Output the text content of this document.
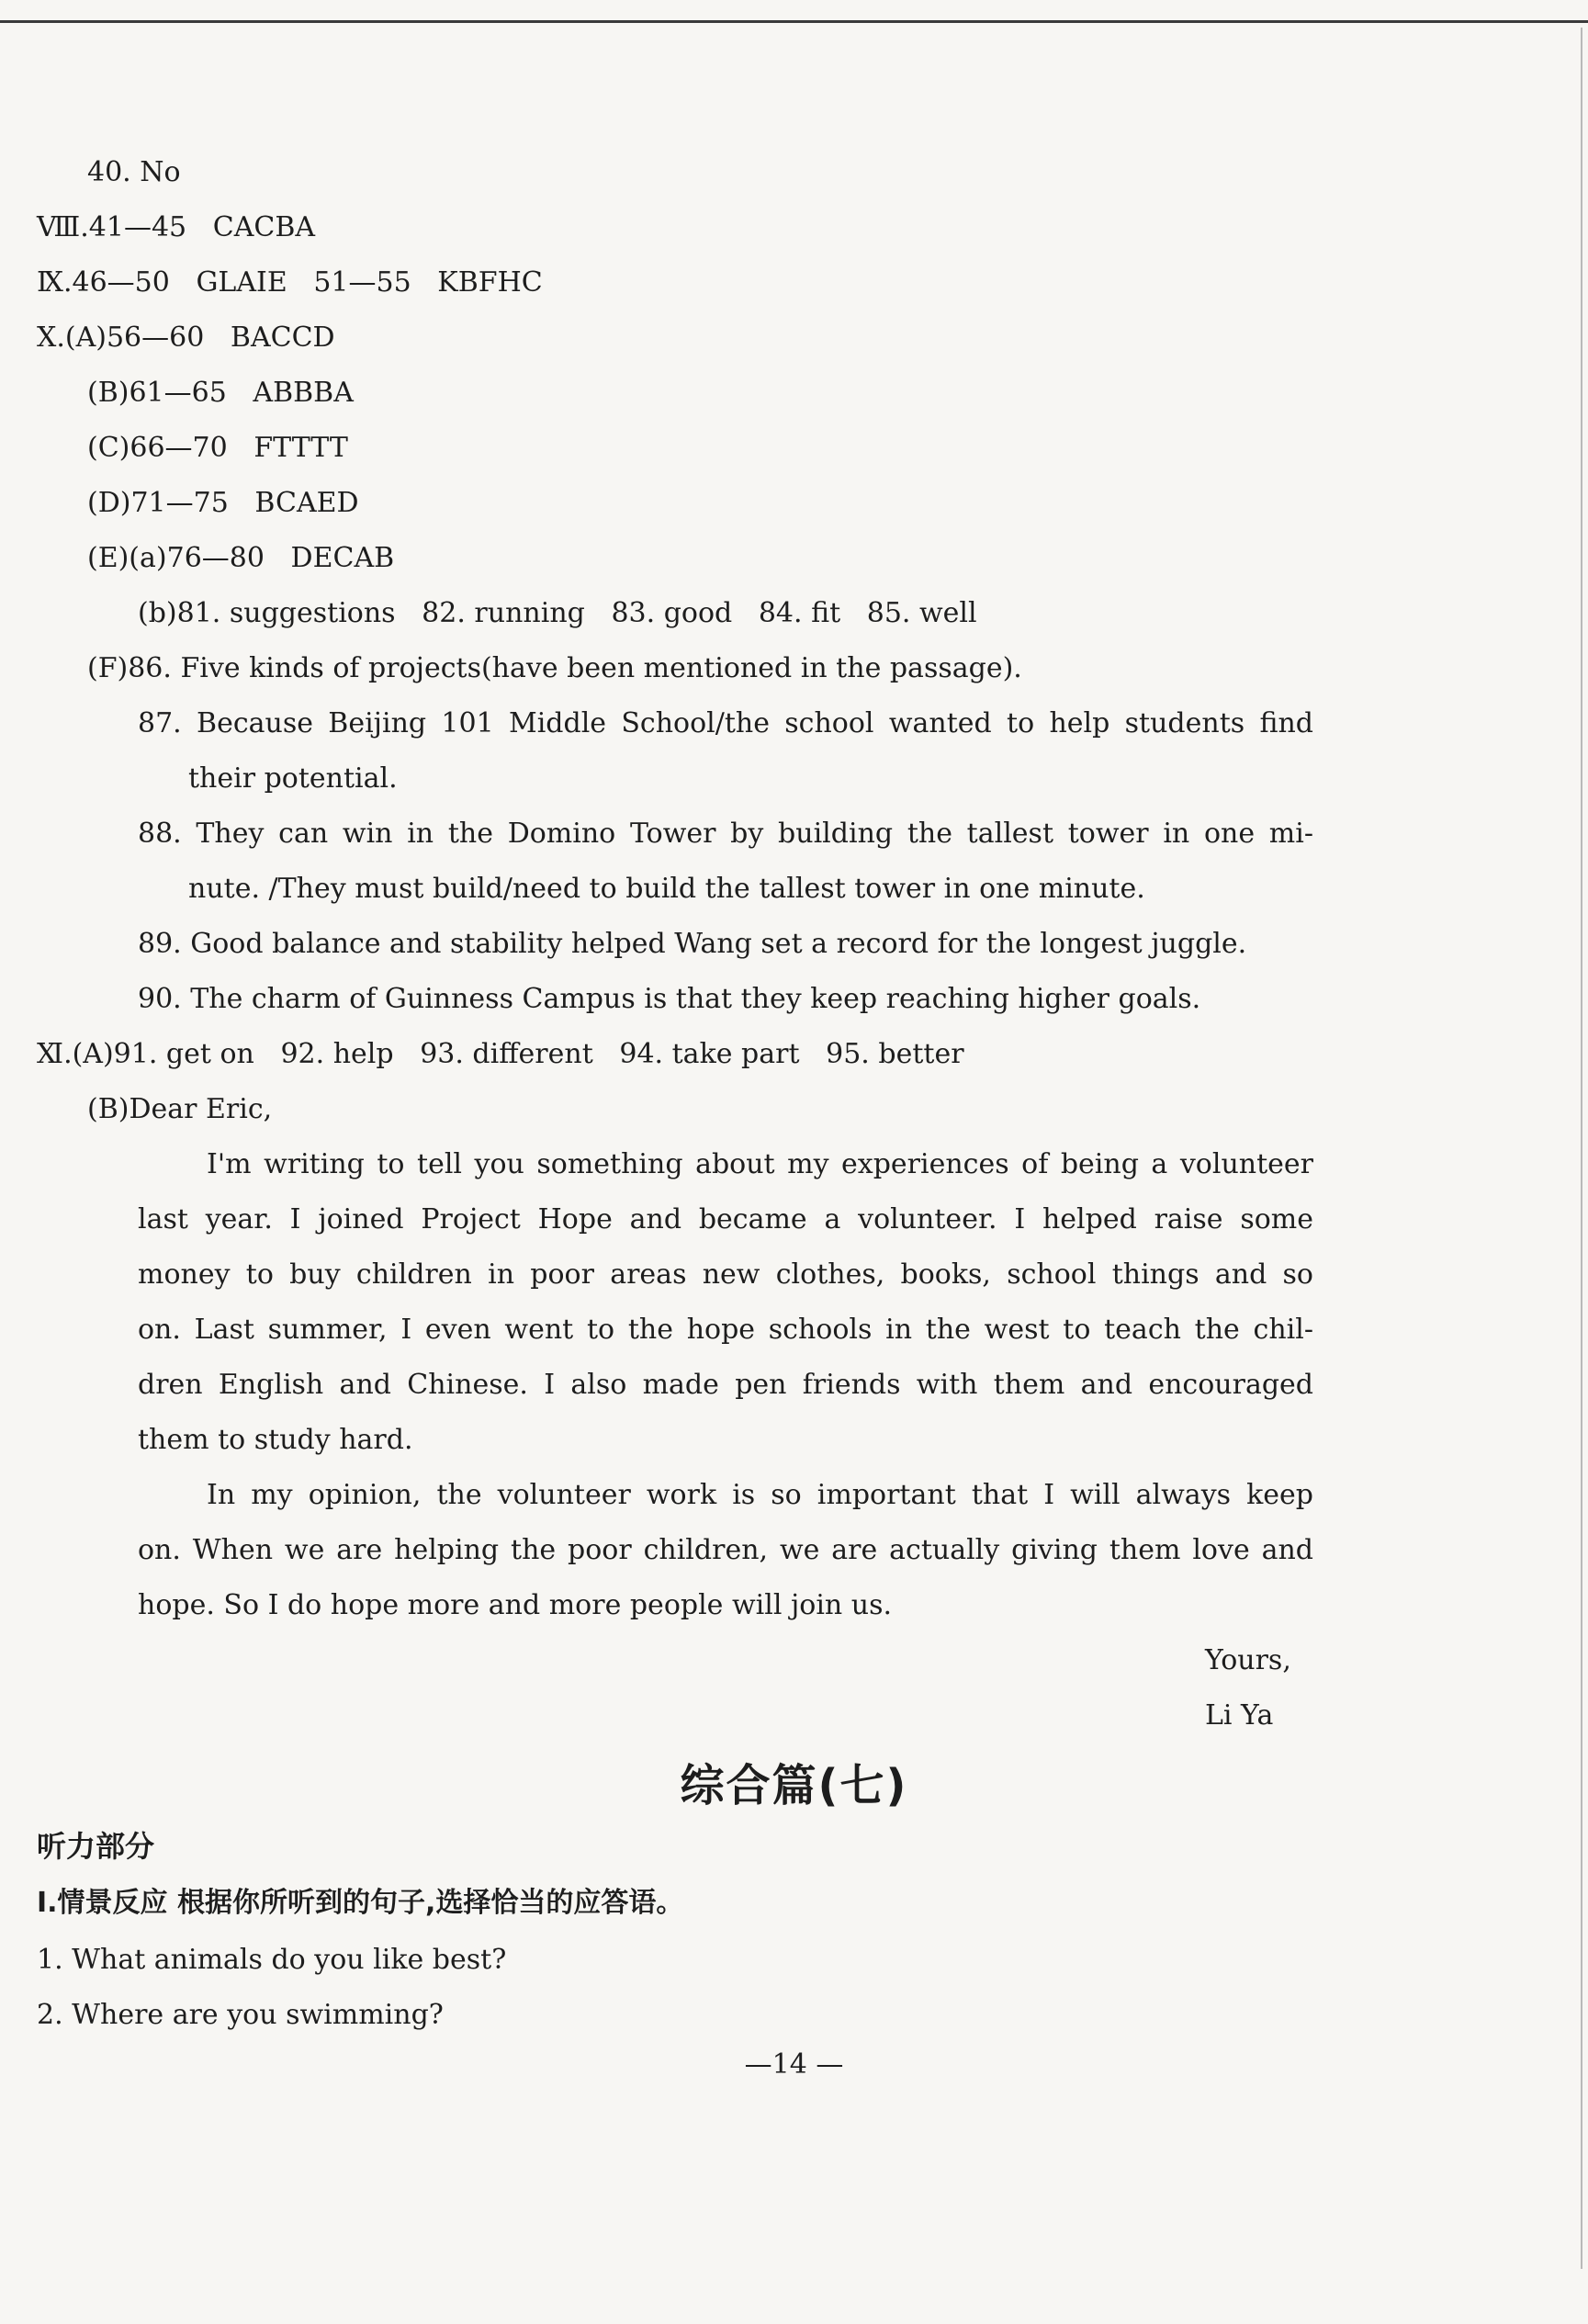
40. No
Ⅷ.41—45   CACBA
Ⅸ.46—50   GLAIE   51—55   KBFHC
Ⅹ.(A)56—60   BACCD
(B)61—65   ABBBA
(C)66—70   FTTTT
(D)71—75   BCAED
(E)(a)76—80   DECAB
(b)81. suggestions   82. running   83. good   84. fit   85. well
(F)86. Five kinds of projects(have been mentioned in the passage).
87. Because Beijing 101 Middle School/the school wanted to help students find
their potential.
88. They can win in the Domino Tower by building the tallest tower in one mi-
nute. /They must build/need to build the tallest tower in one minute.
89. Good balance and stability helped Wang set a record for the longest juggle.
90. The charm of Guinness Campus is that they keep reaching higher goals.
Ⅺ.(A)91. get on   92. help   93. different   94. take part   95. better
(B)Dear Eric,
I'm writing to tell you something about my experiences of being a volunteer
last year. I joined Project Hope and became a volunteer. I helped raise some
money to buy children in poor areas new clothes, books, school things and so
on. Last summer, I even went to the hope schools in the west to teach the chil-
dren English and Chinese. I also made pen friends with them and encouraged
them to study hard.
In my opinion, the volunteer work is so important that I will always keep
on. When we are helping the poor children, we are actually giving them love and
hope. So I do hope more and more people will join us.
Yours,
Li Ya
综合篇(七)
听力部分
Ⅰ.情景反应 根据你所听到的句子,选择恰当的应答语。
1. What animals do you like best?
2. Where are you swimming?
—14 —
